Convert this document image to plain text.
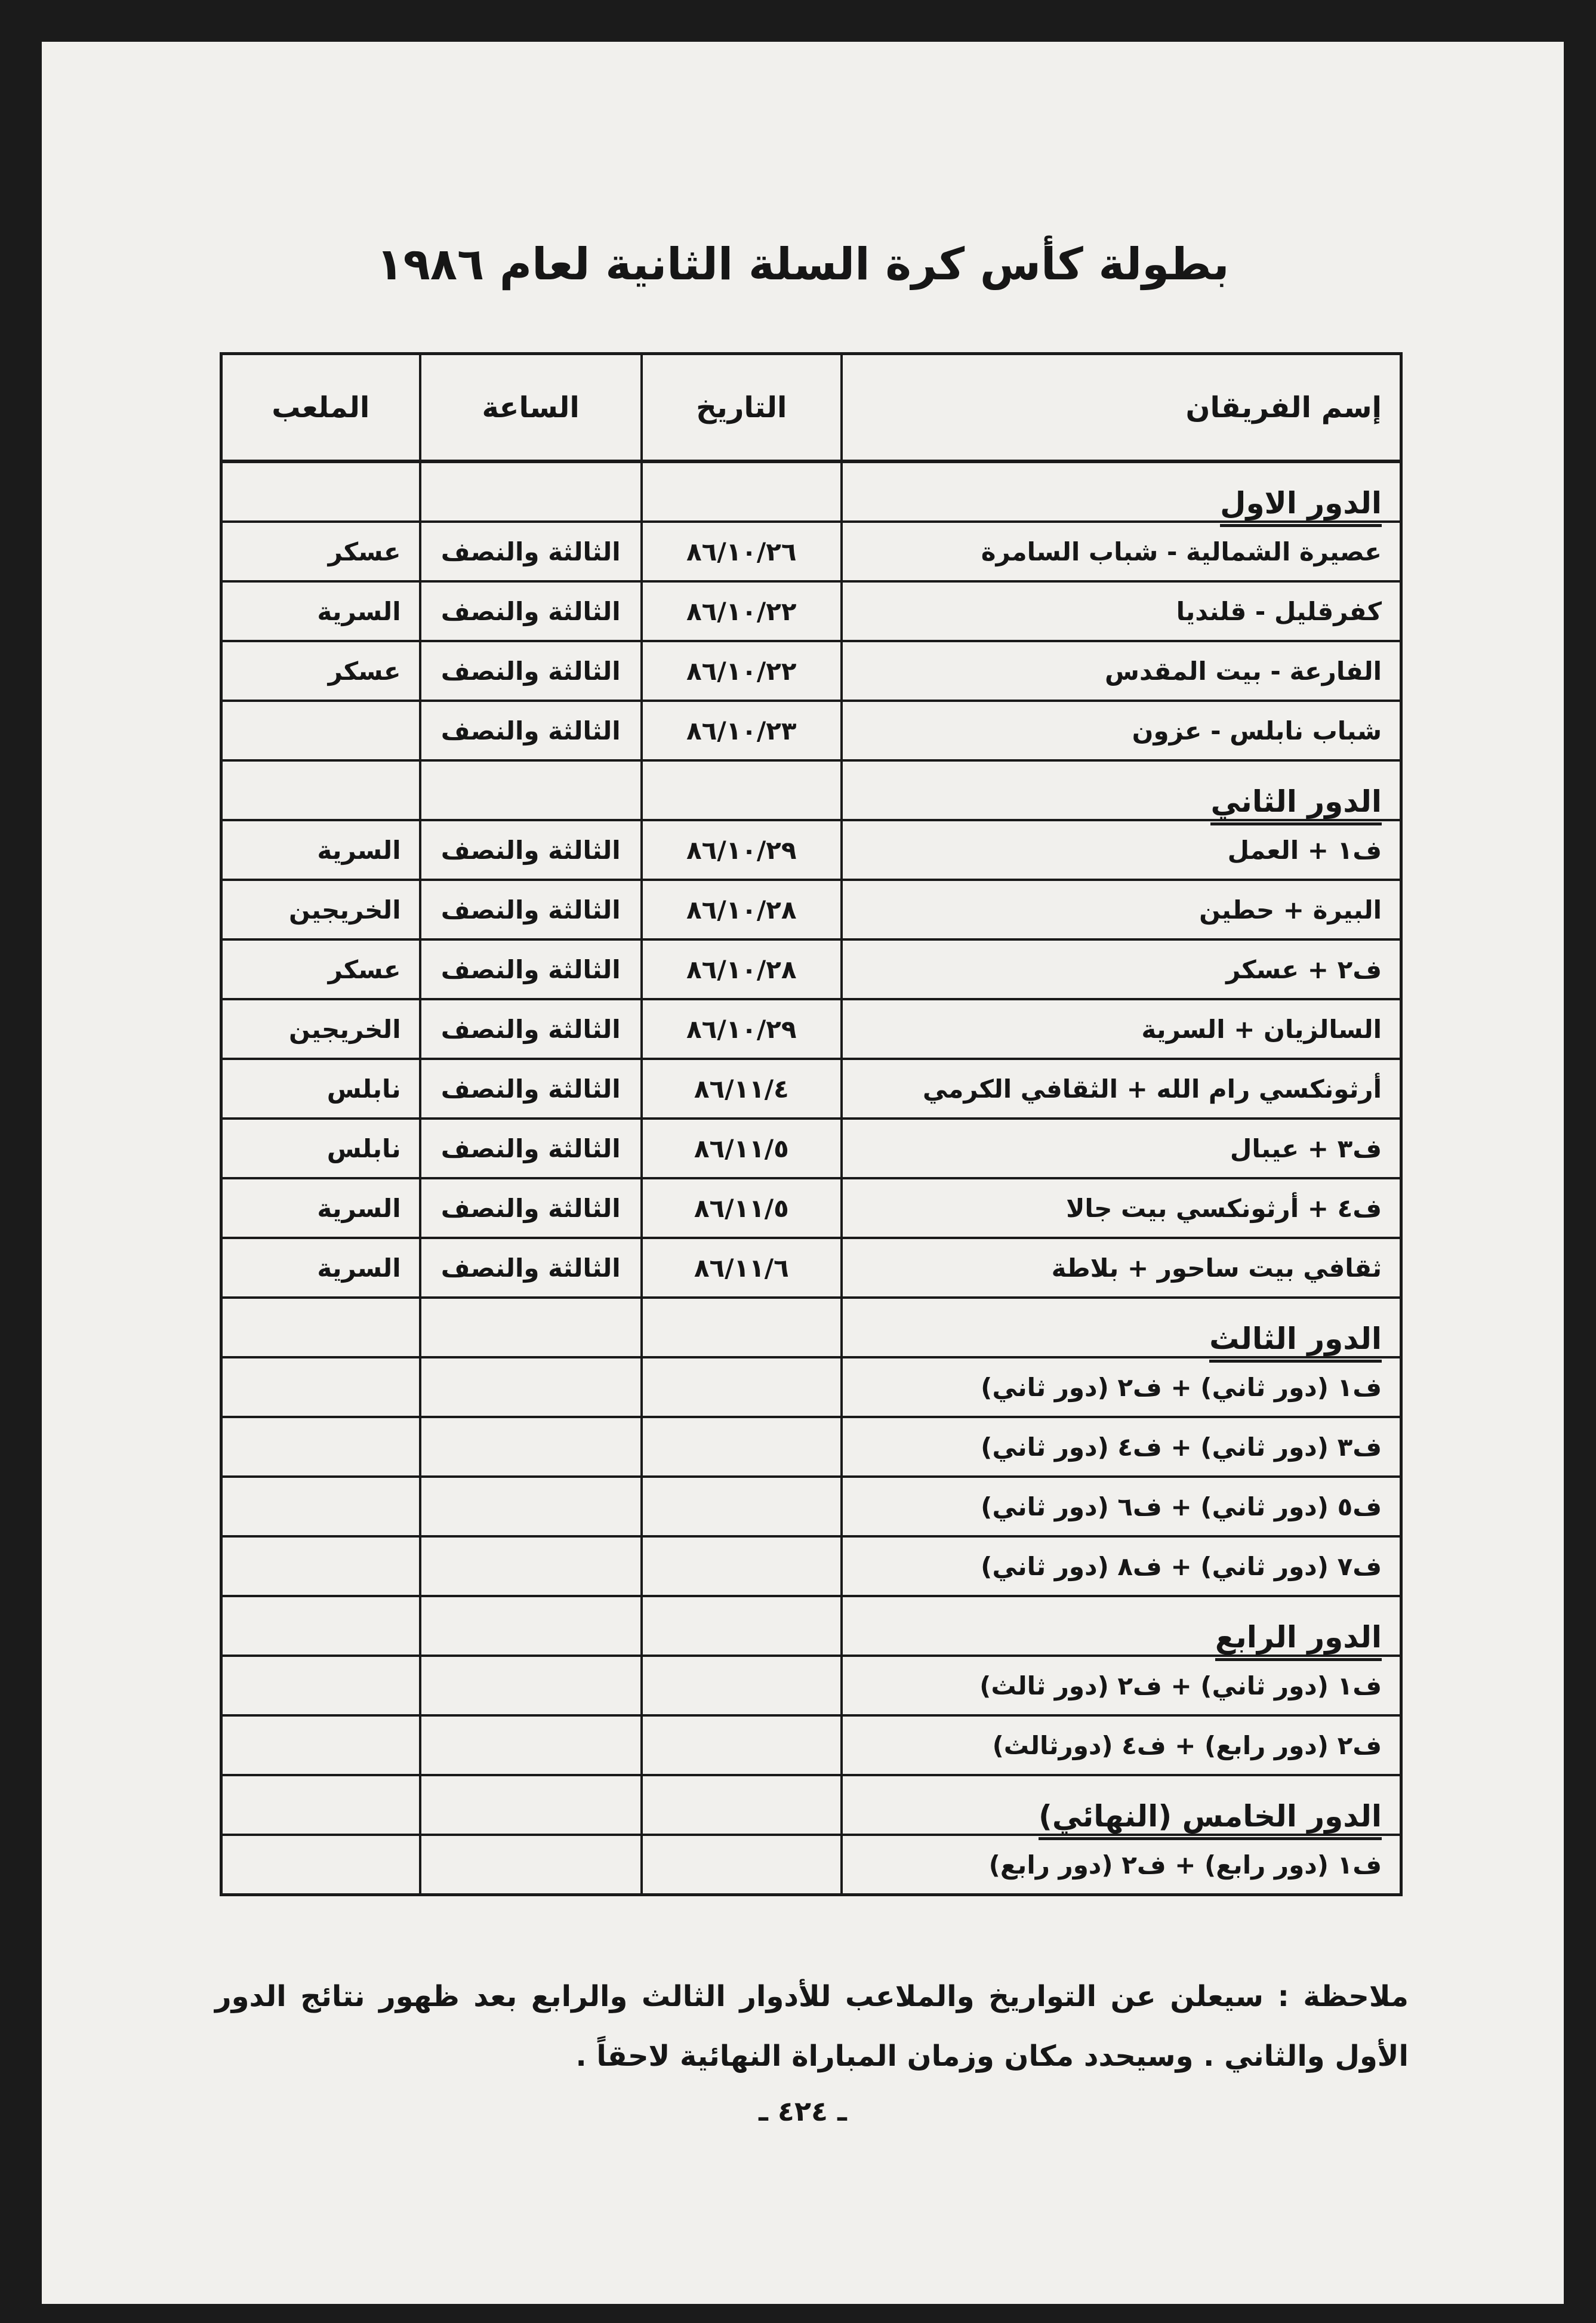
بطولة كأس كرة السلة الثانية لعام ١٩٨٦
إسم الفريقان	التاريخ	الساعة	الملعب
الدور الاول			
عصيرة الشمالية - شباب السامرة	٨٦/١٠/٢٦	الثالثة والنصف	عسكر
كفرقليل - قلنديا	٨٦/١٠/٢٢	الثالثة والنصف	السرية
الفارعة - بيت المقدس	٨٦/١٠/٢٢	الثالثة والنصف	عسكر
شباب نابلس - عزون	٨٦/١٠/٢٣	الثالثة والنصف	
الدور الثاني			
ف١ + العمل	٨٦/١٠/٢٩	الثالثة والنصف	السرية
البيرة + حطين	٨٦/١٠/٢٨	الثالثة والنصف	الخريجين
ف٢ + عسكر	٨٦/١٠/٢٨	الثالثة والنصف	عسكر
السالزيان + السرية	٨٦/١٠/٢٩	الثالثة والنصف	الخريجين
أرثونكسي رام الله + الثقافي الكرمي	٨٦/١١/٤	الثالثة والنصف	نابلس
ف٣ + عيبال	٨٦/١١/٥	الثالثة والنصف	نابلس
ف٤ + أرثونكسي بيت جالا	٨٦/١١/٥	الثالثة والنصف	السرية
ثقافي بيت ساحور + بلاطة	٨٦/١١/٦	الثالثة والنصف	السرية
الدور الثالث			
ف١ (دور ثاني) + ف٢ (دور ثاني)			
ف٣ (دور ثاني) + ف٤ (دور ثاني)			
ف٥ (دور ثاني) + ف٦ (دور ثاني)			
ف٧ (دور ثاني) + ف٨ (دور ثاني)			
الدور الرابع			
ف١ (دور ثاني) + ف٢ (دور ثالث)			
ف٢ (دور رابع) + ف٤ (دورثالث)			
الدور الخامس (النهائي)			
ف١ (دور رابع) + ف٢ (دور رابع)			
ملاحظة : سيعلن عن التواريخ والملاعب للأدوار الثالث والرابع بعد ظهور نتائج الدور الأول والثاني . وسيحدد مكان وزمان المباراة النهائية لاحقاً .
ـ ٤٢٤ ـ
